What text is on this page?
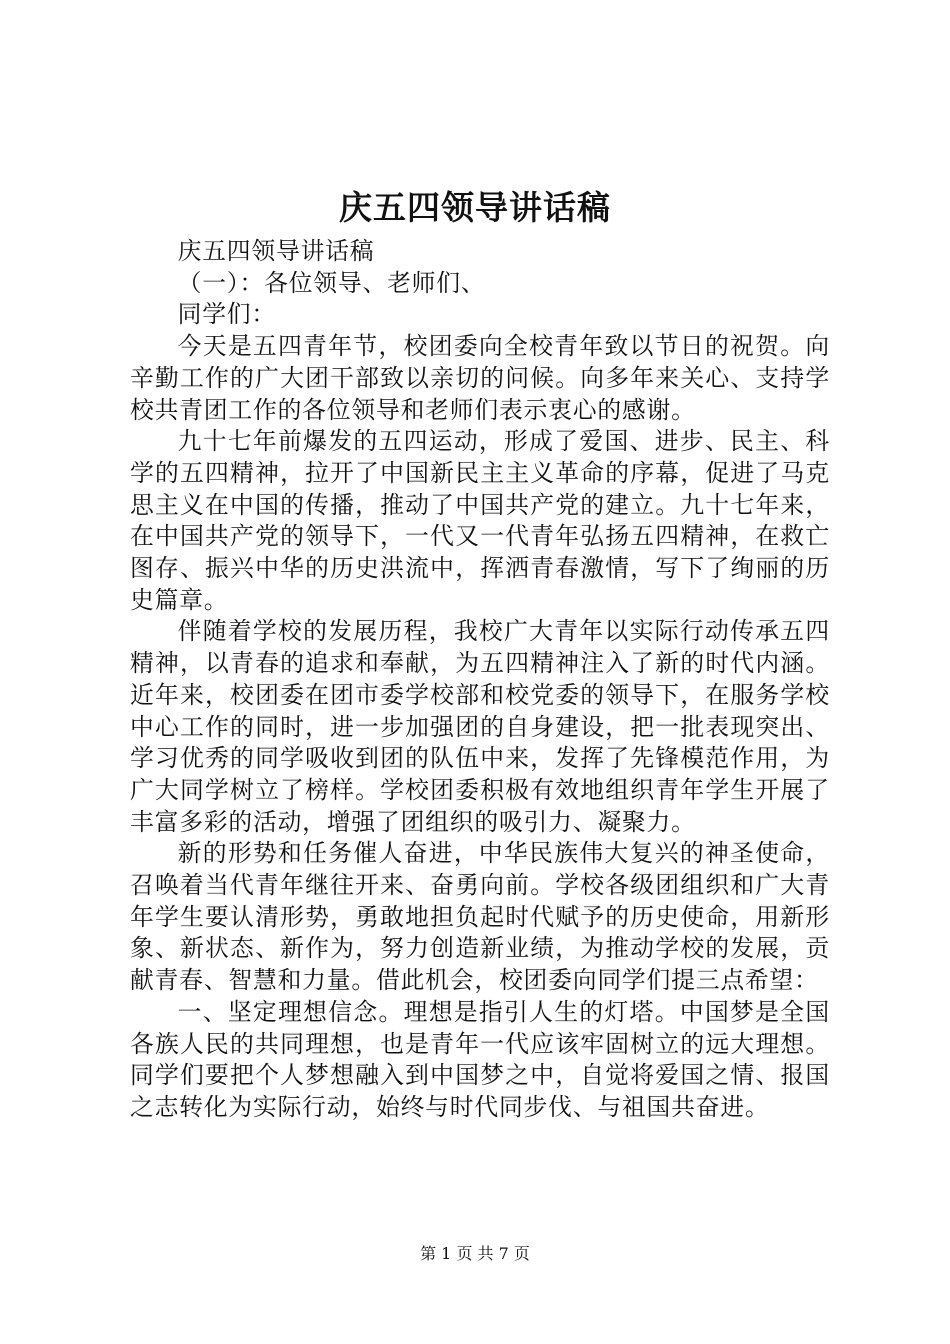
庆五四领导讲话稿

庆五四领导讲话稿

（一）：各位领导、老师们、

同学们：

今天是五四青年节，校团委向全校青年致以节日的祝贺。向辛勤工作的广大团干部致以亲切的问候。向多年来关心、支持学校共青团工作的各位领导和老师们表示衷心的感谢。

九十七年前爆发的五四运动，形成了爱国、进步、民主、科学的五四精神，拉开了中国新民主主义革命的序幕，促进了马克思主义在中国的传播，推动了中国共产党的建立。九十七年来，在中国共产党的领导下，一代又一代青年弘扬五四精神，在救亡图存、振兴中华的历史洪流中，挥洒青春激情，写下了绚丽的历史篇章。

伴随着学校的发展历程，我校广大青年以实际行动传承五四精神，以青春的追求和奉献，为五四精神注入了新的时代内涵。近年来，校团委在团市委学校部和校党委的领导下，在服务学校中心工作的同时，进一步加强团的自身建设，把一批表现突出、学习优秀的同学吸收到团的队伍中来，发挥了先锋模范作用，为广大同学树立了榜样。学校团委积极有效地组织青年学生开展了丰富多彩的活动，增强了团组织的吸引力、凝聚力。

新的形势和任务催人奋进，中华民族伟大复兴的神圣使命，召唤着当代青年继往开来、奋勇向前。学校各级团组织和广大青年学生要认清形势，勇敢地担负起时代赋予的历史使命，用新形象、新状态、新作为，努力创造新业绩，为推动学校的发展，贡献青春、智慧和力量。借此机会，校团委向同学们提三点希望：

一、坚定理想信念。理想是指引人生的灯塔。中国梦是全国各族人民的共同理想，也是青年一代应该牢固树立的远大理想。同学们要把个人梦想融入到中国梦之中，自觉将爱国之情、报国之志转化为实际行动，始终与时代同步伐、与祖国共奋进。

第 1 页 共 7 页
